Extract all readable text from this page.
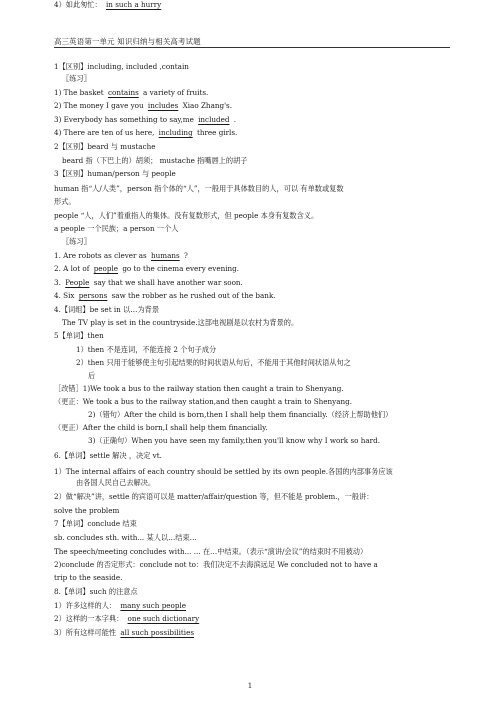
高三英语第一单元 知识归纳与相关高考试题
1【区别】including, included ,contain
〖练习〗
1) The basket contains a variety of fruits.
2) The money I gave you includes Xiao Zhang's.
3) Everybody has something to say,me included .
4) There are ten of us here, including three girls.
2【区别】beard 与 mustache
beard 指（下巴上的）胡须； mustache 指嘴唇上的胡子
3【区别】human/person 与 people
human 指“人/人类”，person 指个体的“人”，一般用于具体数目的人，可以 有单数或复数
形式。
people “人，人们”着重指人的集体。没有复数形式，但 people 本身有复数含义。
a people 一个民族；a person 一个人
〖练习〗
1. Are robots as clever as humans ?
2. A lot of people go to the cinema every evening.
3. People say that we shall have another war soon.
4. Six persons saw the robber as he rushed out of the bank.
4.【词组】be set in 以…为背景
The TV play is set in the countryside.这部电视剧是以农村为背景的。
5【单词】then
1）then 不是连词，不能连接 2 个句子成分
2）then 只用于能够使主句引起结果的时间状语从句后，不能用于其他时间状语从句之
后
［改错］1)We took a bus to the railway station then caught a train to Shenyang.
（更正：We took a bus to the railway station,and then caught a train to Shenyang.
2)（错句）After the child is born,then I shall help them financially.（经济上帮助他们）
（更正）After the child is born,I shall help them financially.
3)（正确句）When you have seen my family,then you'll know why I work so hard.
6.【单词】settle 解决 ，决定 vt.
1）The internal affairs of each country should be settled by its own people.各国的内部事务应该
由各国人民自己去解决。
2）做“解决”讲，settle 的宾语可以是 matter/affair/question 等，但不能是 problem.，一般讲：
solve the problem
7【单词】conclude 结束
sb. concludes sth. with... 某人以…结束…
The speech/meeting concludes with... ... 在…中结束。（表示“演讲/会议”的结束时不用被动）
2)conclude 的否定形式：conclude not to：我们决定不去海滨远足 We concluded not to have a
trip to the seaside.
8.【单词】such 的注意点
1）许多这样的人： many such people
2）这样的一本字典： one such dictionary
3）所有这样可能性 all such possibilities
4）如此匆忙： in such a hurry
1
